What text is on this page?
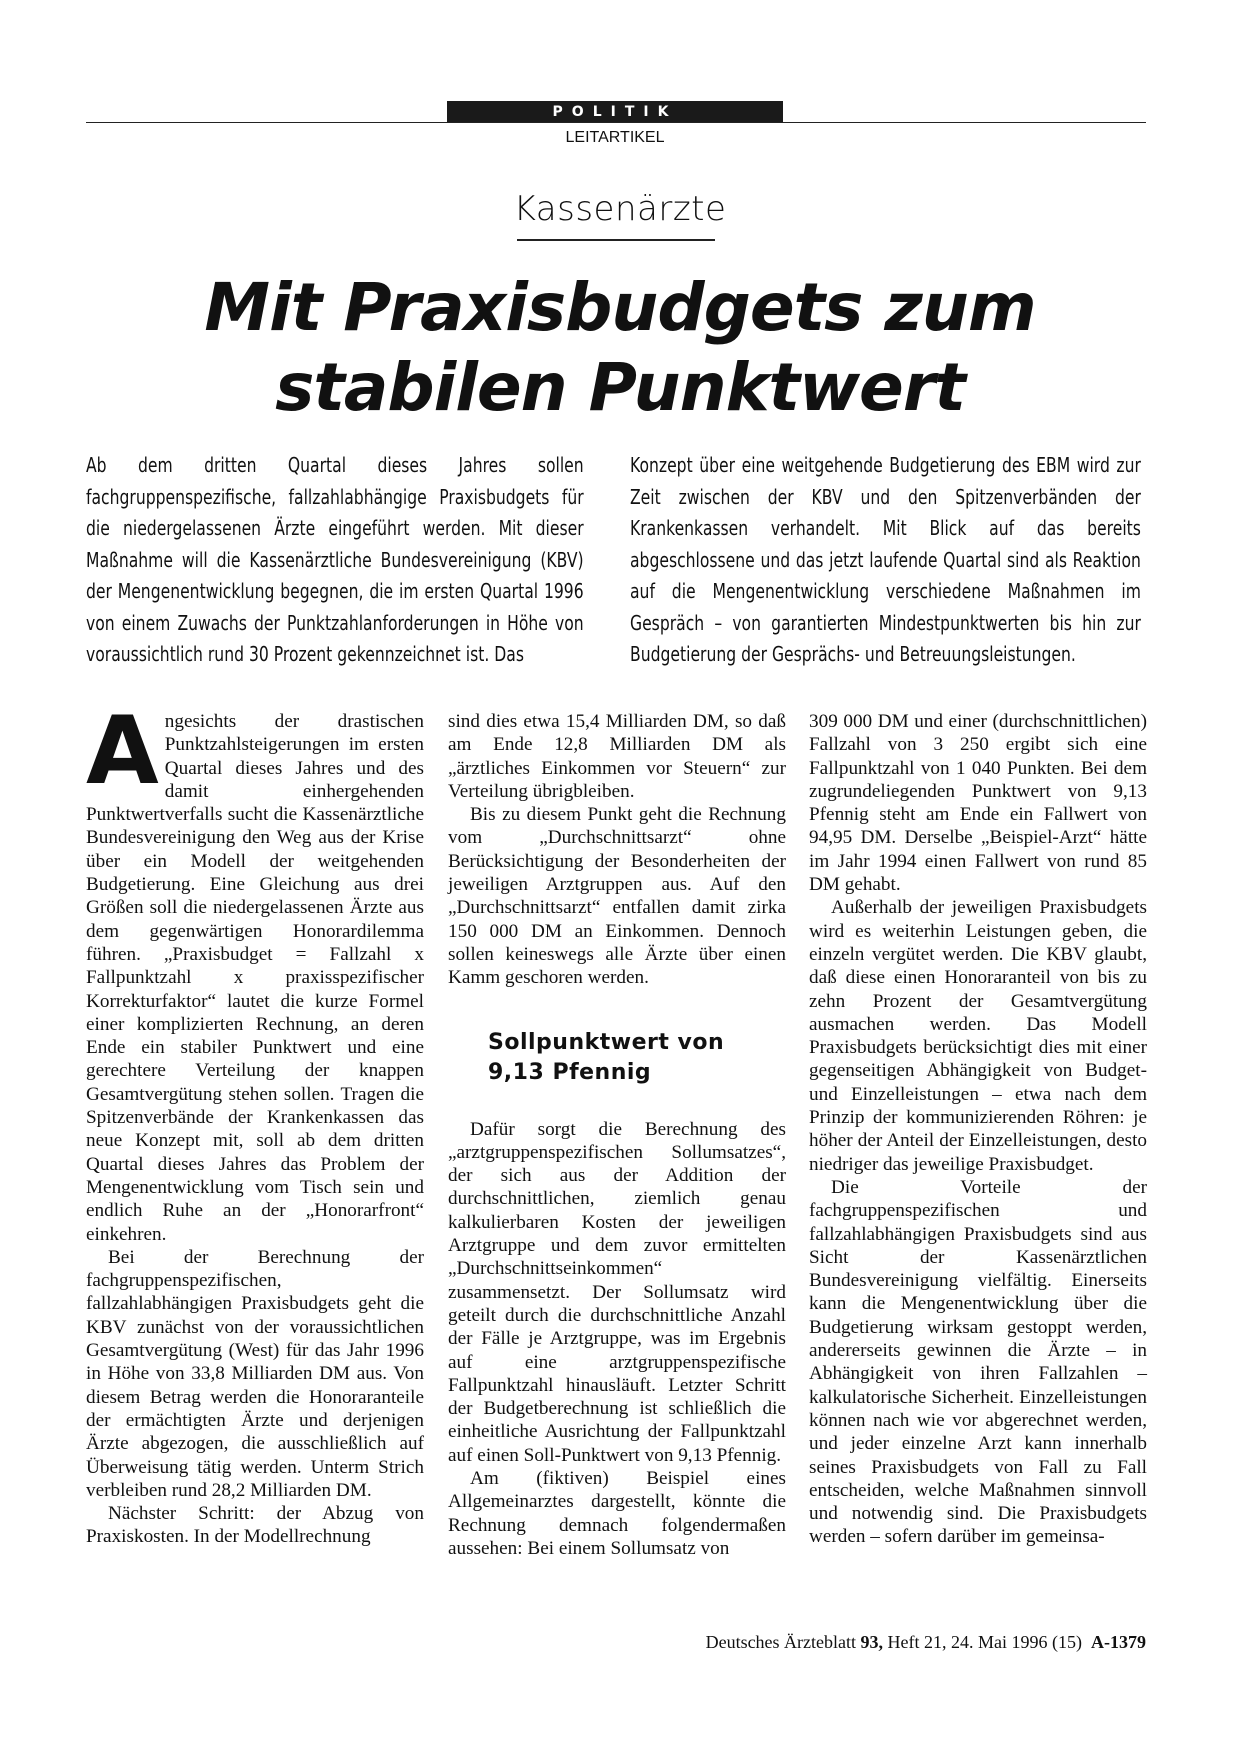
POLITIK
LEITARTIKEL
Kassenärzte
Mit Praxisbudgets zum
stabilen Punktwert
Ab dem dritten Quartal dieses Jahres sollen fachgruppenspezifische, fallzahlabhängige Praxisbudgets für die niedergelassenen Ärzte eingeführt werden. Mit dieser Maßnahme will die Kassenärztliche Bundesvereinigung (KBV) der Mengenentwicklung begegnen, die im ersten Quartal 1996 von einem Zuwachs der Punktzahlanforderungen in Höhe von voraussichtlich rund 30 Prozent gekennzeichnet ist. Das
Konzept über eine weitgehende Budgetierung des EBM wird zur Zeit zwischen der KBV und den Spitzenverbänden der Krankenkassen verhandelt. Mit Blick auf das bereits abgeschlossene und das jetzt laufende Quartal sind als Reaktion auf die Mengenentwicklung verschiedene Maßnahmen im Gespräch – von garantierten Mindestpunktwerten bis hin zur Budgetierung der Gesprächs- und Betreuungsleistungen.

Angesichts der drastischen Punktzahlsteigerungen im ersten Quartal dieses Jahres und des damit einhergehenden Punktwertverfalls sucht die Kassenärztliche Bundesvereinigung den Weg aus der Krise über ein Modell der weitgehenden Budgetierung. Eine Gleichung aus drei Größen soll die niedergelassenen Ärzte aus dem gegenwärtigen Honorardilemma führen. „Praxisbudget = Fallzahl x Fallpunktzahl x praxisspezifischer Korrekturfaktor“ lautet die kurze Formel einer komplizierten Rechnung, an deren Ende ein stabiler Punktwert und eine gerechtere Verteilung der knappen Gesamtvergütung stehen sollen. Tragen die Spitzenverbände der Krankenkassen das neue Konzept mit, soll ab dem dritten Quartal dieses Jahres das Problem der Mengenentwicklung vom Tisch sein und endlich Ruhe an der „Honorarfront“ einkehren.

Bei der Berechnung der fachgruppenspezifischen, fallzahlabhängigen Praxisbudgets geht die KBV zunächst von der voraussichtlichen Gesamtvergütung (West) für das Jahr 1996 in Höhe von 33,8 Milliarden DM aus. Von diesem Betrag werden die Honoraranteile der ermächtigten Ärzte und derjenigen Ärzte abgezogen, die ausschließlich auf Überweisung tätig werden. Unterm Strich verbleiben rund 28,2 Milliarden DM.

Nächster Schritt: der Abzug von Praxiskosten. In der Modellrechnung

sind dies etwa 15,4 Milliarden DM, so daß am Ende 12,8 Milliarden DM als „ärztliches Einkommen vor Steuern“ zur Verteilung übrigbleiben.

Bis zu diesem Punkt geht die Rechnung vom „Durchschnittsarzt“ ohne Berücksichtigung der Besonderheiten der jeweiligen Arztgruppen aus. Auf den „Durchschnittsarzt“ entfallen damit zirka 150 000 DM an Einkommen. Dennoch sollen keineswegs alle Ärzte über einen Kamm geschoren werden.

Sollpunktwert von 9,13 Pfennig

Dafür sorgt die Berechnung des „arztgruppenspezifischen Sollumsatzes“, der sich aus der Addition der durchschnittlichen, ziemlich genau kalkulierbaren Kosten der jeweiligen Arztgruppe und dem zuvor ermittelten „Durchschnittseinkommen“ zusammensetzt. Der Sollumsatz wird geteilt durch die durchschnittliche Anzahl der Fälle je Arztgruppe, was im Ergebnis auf eine arztgruppenspezifische Fallpunktzahl hinausläuft. Letzter Schritt der Budgetberechnung ist schließlich die einheitliche Ausrichtung der Fallpunktzahl auf einen Soll-Punktwert von 9,13 Pfennig.

Am (fiktiven) Beispiel eines Allgemeinarztes dargestellt, könnte die Rechnung demnach folgendermaßen aussehen: Bei einem Sollumsatz von

309 000 DM und einer (durchschnittlichen) Fallzahl von 3 250 ergibt sich eine Fallpunktzahl von 1 040 Punkten. Bei dem zugrundeliegenden Punktwert von 9,13 Pfennig steht am Ende ein Fallwert von 94,95 DM. Derselbe „Beispiel-Arzt“ hätte im Jahr 1994 einen Fallwert von rund 85 DM gehabt.

Außerhalb der jeweiligen Praxisbudgets wird es weiterhin Leistungen geben, die einzeln vergütet werden. Die KBV glaubt, daß diese einen Honoraranteil von bis zu zehn Prozent der Gesamtvergütung ausmachen werden. Das Modell Praxisbudgets berücksichtigt dies mit einer gegenseitigen Abhängigkeit von Budget- und Einzelleistungen – etwa nach dem Prinzip der kommunizierenden Röhren: je höher der Anteil der Einzelleistungen, desto niedriger das jeweilige Praxisbudget.

Die Vorteile der fachgruppenspezifischen und fallzahlabhängigen Praxisbudgets sind aus Sicht der Kassenärztlichen Bundesvereinigung vielfältig. Einerseits kann die Mengenentwicklung über die Budgetierung wirksam gestoppt werden, andererseits gewinnen die Ärzte – in Abhängigkeit von ihren Fallzahlen – kalkulatorische Sicherheit. Einzelleistungen können nach wie vor abgerechnet werden, und jeder einzelne Arzt kann innerhalb seines Praxisbudgets von Fall zu Fall entscheiden, welche Maßnahmen sinnvoll und notwendig sind. Die Praxisbudgets werden – sofern darüber im gemeinsa-

Deutsches Ärzteblatt 93, Heft 21, 24. Mai 1996 (15) A-1379
